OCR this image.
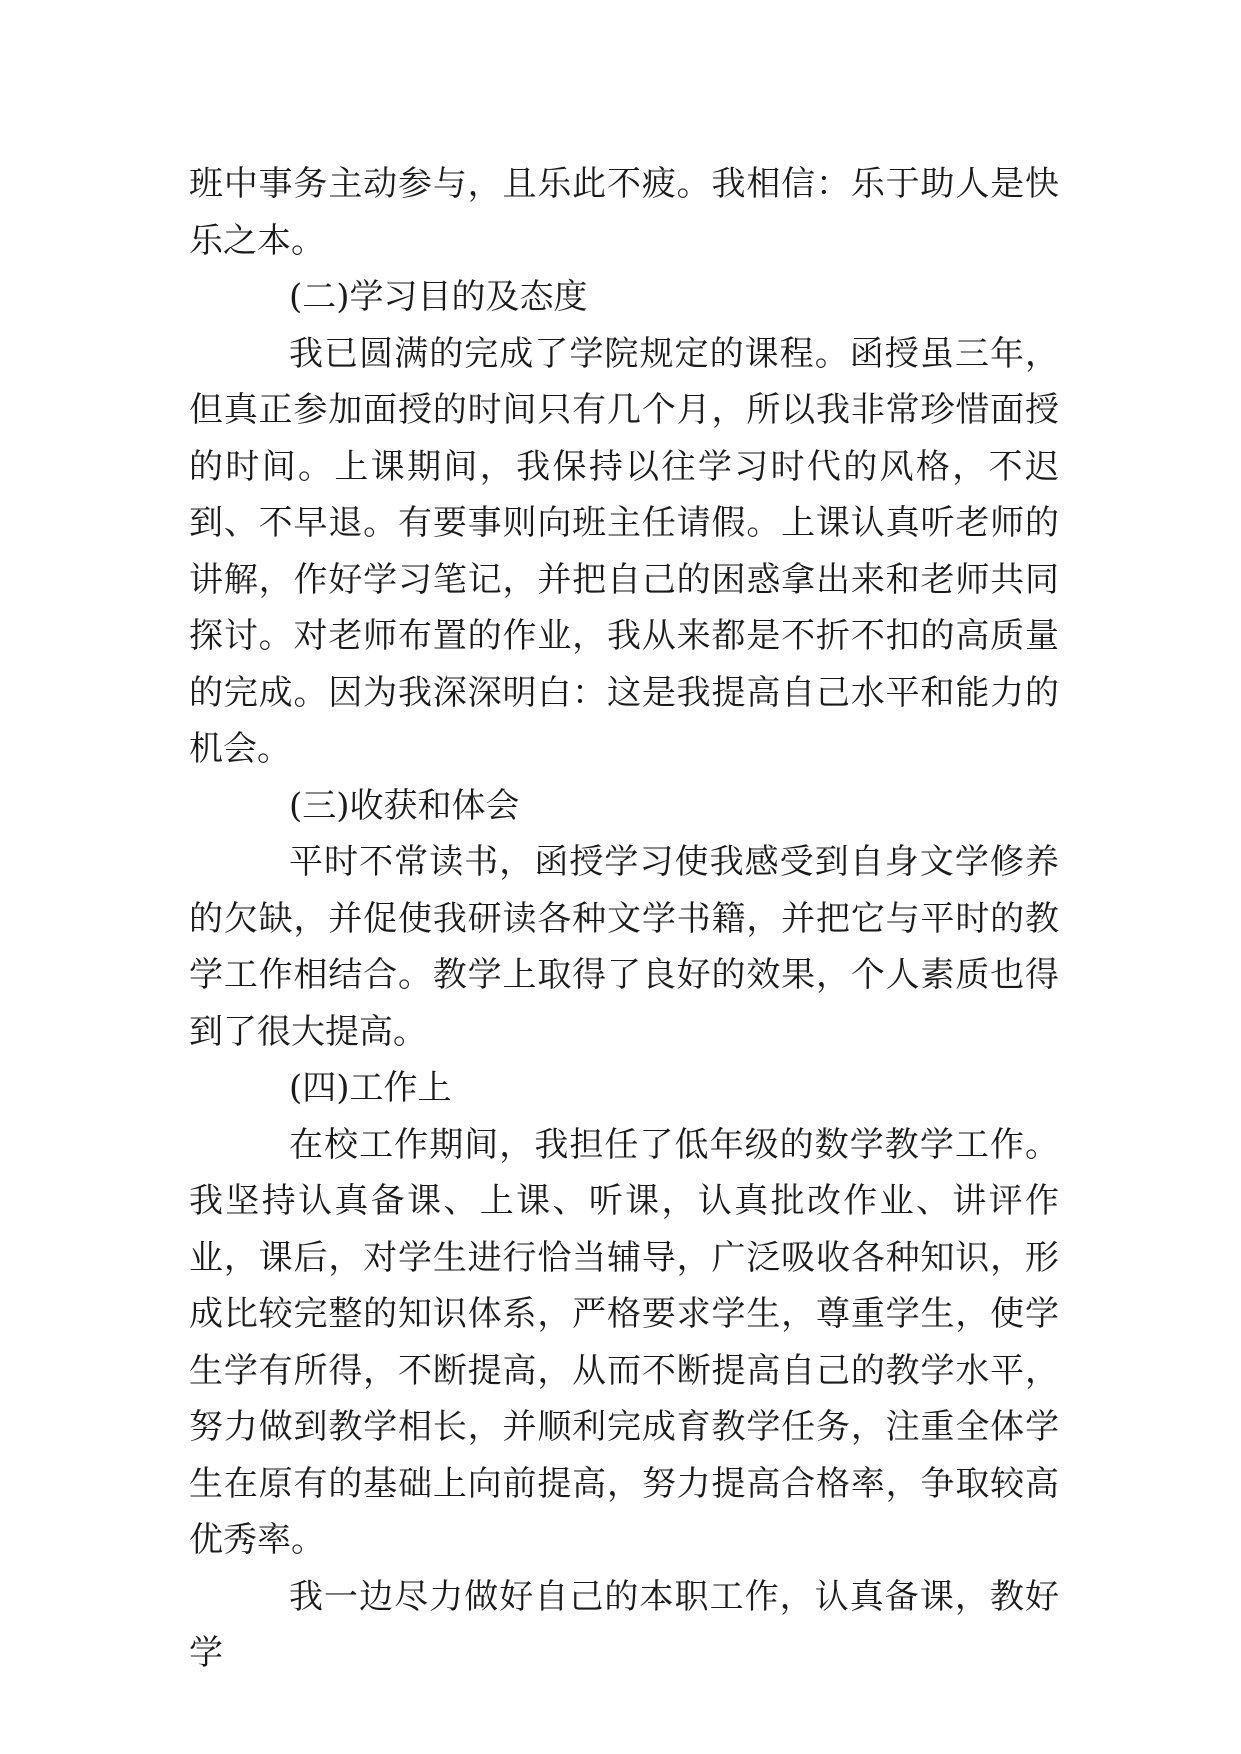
班中事务主动参与，且乐此不疲。我相信：乐于助人是快乐之本。

(二)学习目的及态度

我已圆满的完成了学院规定的课程。函授虽三年，但真正参加面授的时间只有几个月，所以我非常珍惜面授的时间。上课期间，我保持以往学习时代的风格，不迟到、不早退。有要事则向班主任请假。上课认真听老师的讲解，作好学习笔记，并把自己的困惑拿出来和老师共同探讨。对老师布置的作业，我从来都是不折不扣的高质量的完成。因为我深深明白：这是我提高自己水平和能力的机会。

(三)收获和体会

平时不常读书，函授学习使我感受到自身文学修养的欠缺，并促使我研读各种文学书籍，并把它与平时的教学工作相结合。教学上取得了良好的效果，个人素质也得到了很大提高。

(四)工作上

在校工作期间，我担任了低年级的数学教学工作。我坚持认真备课、上课、听课，认真批改作业、讲评作业，课后，对学生进行恰当辅导，广泛吸收各种知识，形成比较完整的知识体系，严格要求学生，尊重学生，使学生学有所得，不断提高，从而不断提高自己的教学水平，努力做到教学相长，并顺利完成育教学任务，注重全体学生在原有的基础上向前提高，努力提高合格率，争取较高优秀率。

我一边尽力做好自己的本职工作，认真备课，教好学
